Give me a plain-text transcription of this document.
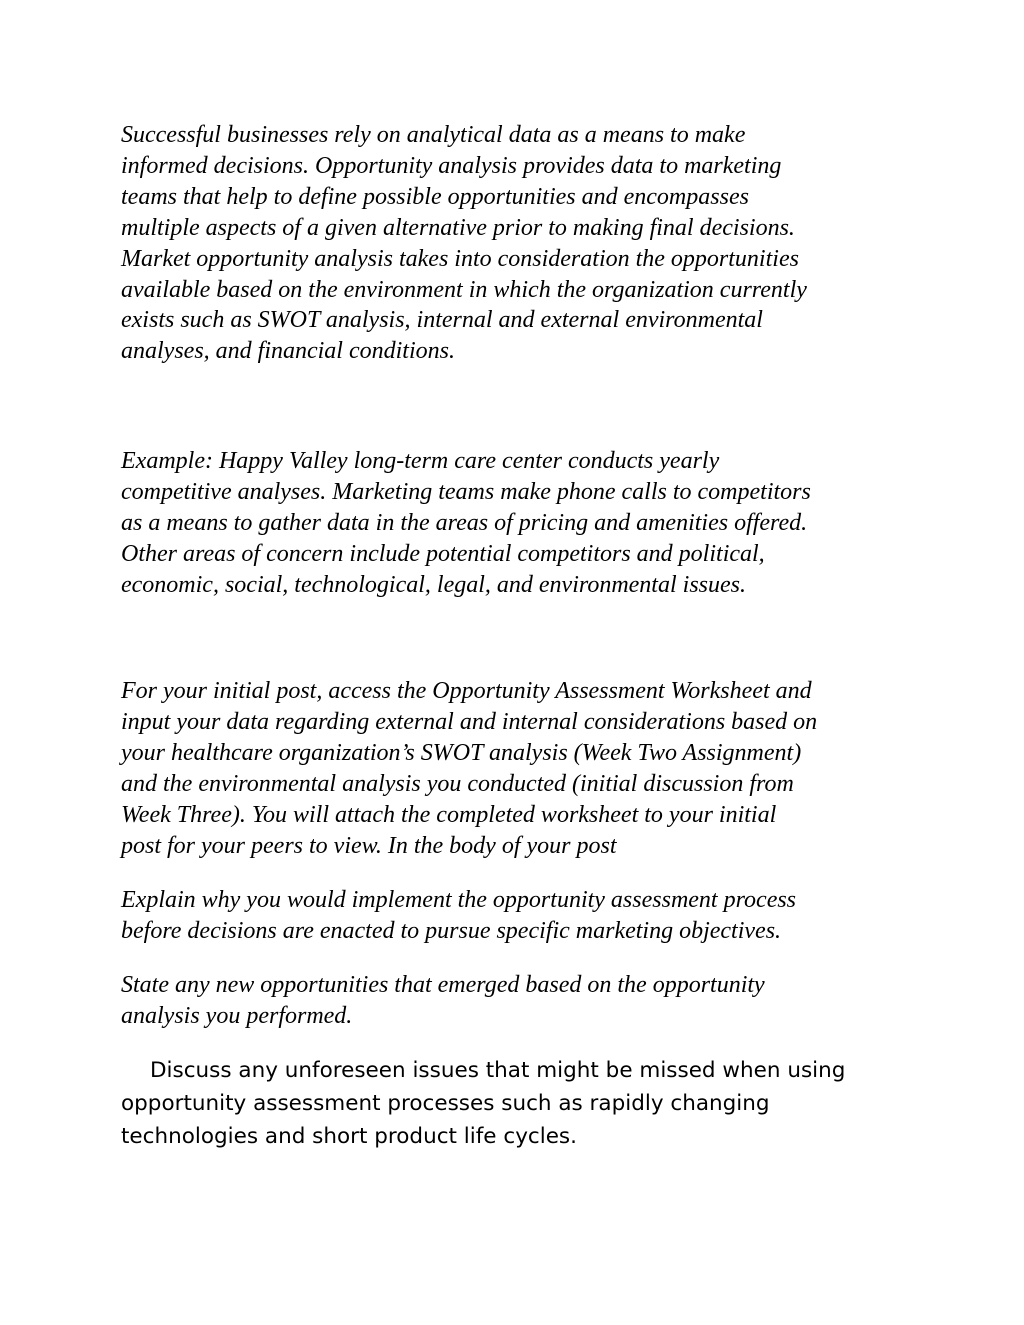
Successful businesses rely on analytical data as a means to make
informed decisions. Opportunity analysis provides data to marketing
teams that help to define possible opportunities and encompasses
multiple aspects of a given alternative prior to making final decisions.
Market opportunity analysis takes into consideration the opportunities
available based on the environment in which the organization currently
exists such as SWOT analysis, internal and external environmental
analyses, and financial conditions.

Example: Happy Valley long-term care center conducts yearly
competitive analyses. Marketing teams make phone calls to competitors
as a means to gather data in the areas of pricing and amenities offered.
Other areas of concern include potential competitors and political,
economic, social, technological, legal, and environmental issues.

For your initial post, access the Opportunity Assessment Worksheet and
input your data regarding external and internal considerations based on
your healthcare organization’s SWOT analysis (Week Two Assignment)
and the environmental analysis you conducted (initial discussion from
Week Three). You will attach the completed worksheet to your initial
post for your peers to view. In the body of your post

Explain why you would implement the opportunity assessment process
before decisions are enacted to pursue specific marketing objectives.

State any new opportunities that emerged based on the opportunity
analysis you performed.

Discuss any unforeseen issues that might be missed when using
opportunity assessment processes such as rapidly changing
technologies and short product life cycles.
